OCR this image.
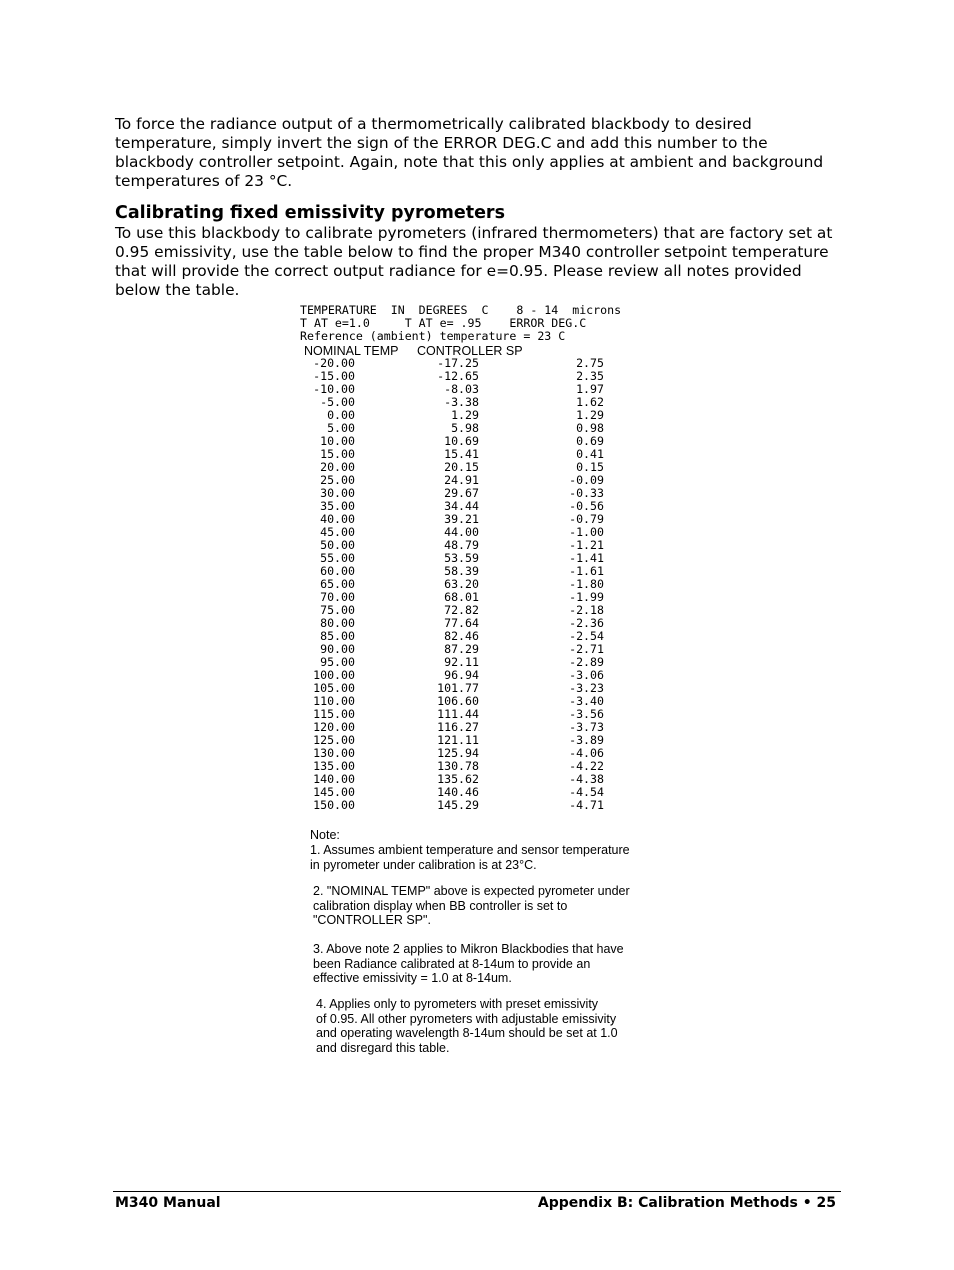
To force the radiance output of a thermometrically calibrated blackbody to desired temperature, simply invert the sign of the ERROR DEG.C and add this number to the blackbody controller setpoint. Again, note that this only applies at ambient and background temperatures of 23 °C.

Calibrating fixed emissivity pyrometers

To use this blackbody to calibrate pyrometers (infrared thermometers) that are factory set at 0.95 emissivity, use the table below to find the proper M340 controller setpoint temperature that will provide the correct output radiance for e=0.95. Please review all notes provided below the table.

TEMPERATURE  IN  DEGREES  C    8 - 14  microns
T AT e=1.0     T AT e= .95    ERROR DEG.C
Reference (ambient) temperature = 23 C
NOMINAL TEMP CONTROLLER SP
-20.00	-17.25	2.75
-15.00	-12.65	2.35
-10.00	-8.03	1.97
-5.00	-3.38	1.62
0.00	1.29	1.29
5.00	5.98	0.98
10.00	10.69	0.69
15.00	15.41	0.41
20.00	20.15	0.15
25.00	24.91	-0.09
30.00	29.67	-0.33
35.00	34.44	-0.56
40.00	39.21	-0.79
45.00	44.00	-1.00
50.00	48.79	-1.21
55.00	53.59	-1.41
60.00	58.39	-1.61
65.00	63.20	-1.80
70.00	68.01	-1.99
75.00	72.82	-2.18
80.00	77.64	-2.36
85.00	82.46	-2.54
90.00	87.29	-2.71
95.00	92.11	-2.89
100.00	96.94	-3.06
105.00	101.77	-3.23
110.00	106.60	-3.40
115.00	111.44	-3.56
120.00	116.27	-3.73
125.00	121.11	-3.89
130.00	125.94	-4.06
135.00	130.78	-4.22
140.00	135.62	-4.38
145.00	140.46	-4.54
150.00	145.29	-4.71

Note:

1. Assumes ambient temperature and sensor temperature

in pyrometer under calibration is at 23°C.

2. "NOMINAL TEMP" above is expected pyrometer under

calibration display when BB controller is set to

"CONTROLLER SP".

3. Above note 2 applies to Mikron Blackbodies that have

been Radiance calibrated at 8-14um to provide an

effective emissivity = 1.0 at 8-14um.

4. Applies only to pyrometers with preset emissivity

of 0.95. All other pyrometers with adjustable emissivity

and operating wavelength 8-14um should be set at 1.0

and disregard this table.

M340 Manual	Appendix B: Calibration Methods • 25
